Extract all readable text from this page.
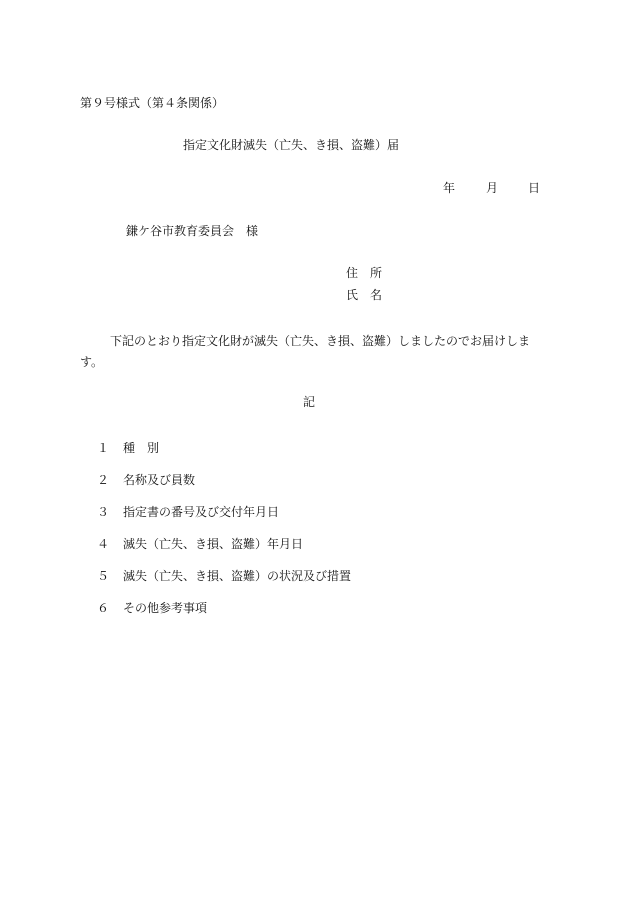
第９号様式（第４条関係）
指定文化財滅失（亡失、き損、盗難）届
年	月 日
鎌ケ谷市教育委員会　様
住　所
氏　名
下記のとおり指定文化財が滅失（亡失、き損、盗難）しましたのでお届けします。
記
１ 種　別
２ 名称及び員数
３ 指定書の番号及び交付年月日
４ 滅失（亡失、き損、盗難）年月日
５ 滅失（亡失、き損、盗難）の状況及び措置
６ その他参考事項
